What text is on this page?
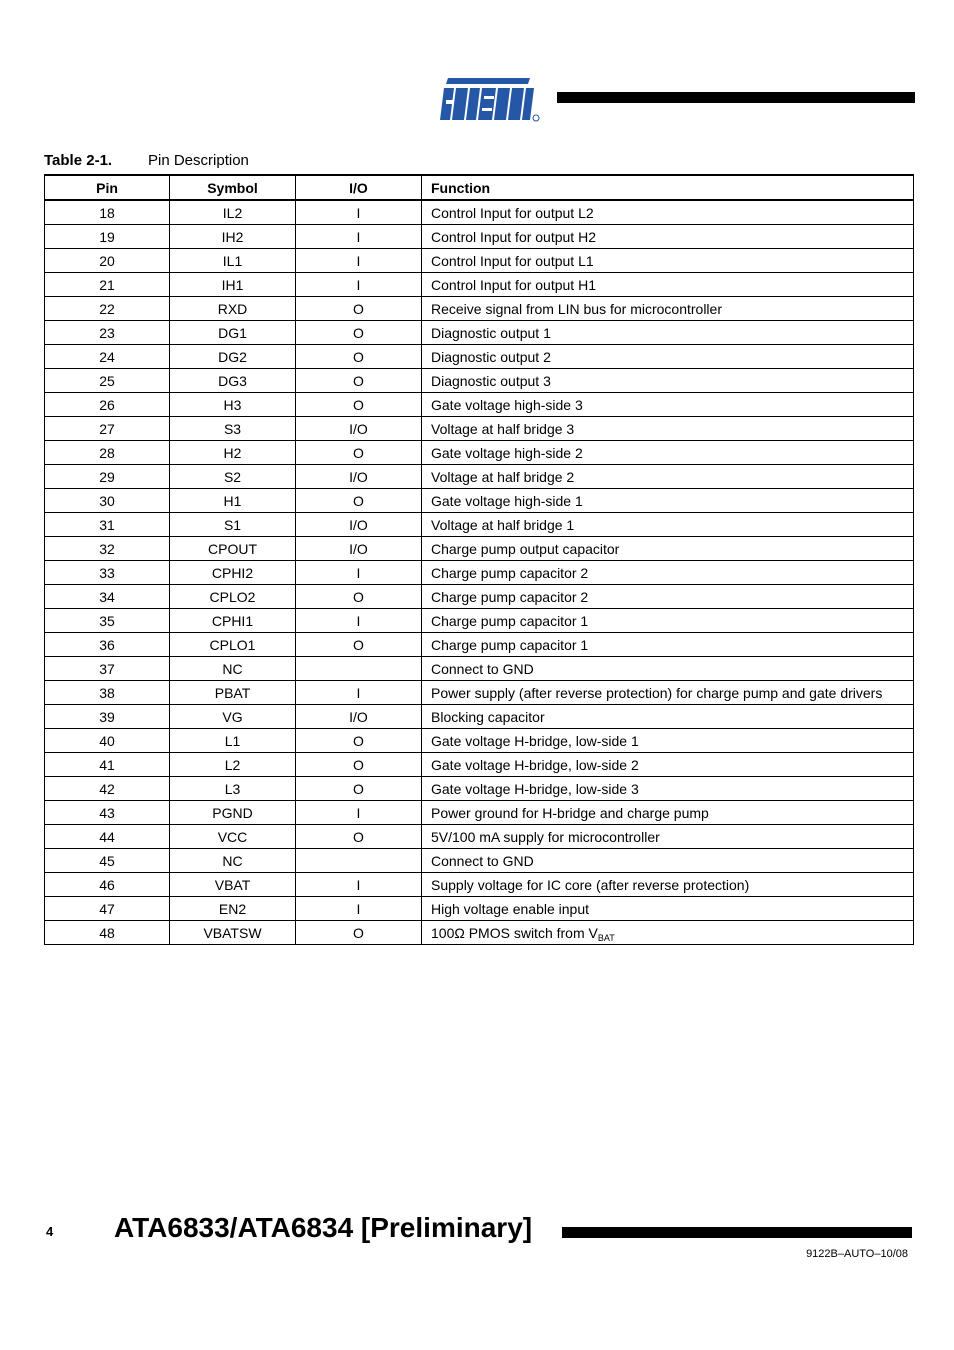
Table 2-1. Pin Description
Pin	Symbol	I/O	Function
18	IL2	I	Control Input for output L2
19	IH2	I	Control Input for output H2
20	IL1	I	Control Input for output L1
21	IH1	I	Control Input for output H1
22	RXD	O	Receive signal from LIN bus for microcontroller
23	DG1	O	Diagnostic output 1
24	DG2	O	Diagnostic output 2
25	DG3	O	Diagnostic output 3
26	H3	O	Gate voltage high-side 3
27	S3	I/O	Voltage at half bridge 3
28	H2	O	Gate voltage high-side 2
29	S2	I/O	Voltage at half bridge 2
30	H1	O	Gate voltage high-side 1
31	S1	I/O	Voltage at half bridge 1
32	CPOUT	I/O	Charge pump output capacitor
33	CPHI2	I	Charge pump capacitor 2
34	CPLO2	O	Charge pump capacitor 2
35	CPHI1	I	Charge pump capacitor 1
36	CPLO1	O	Charge pump capacitor 1
37	NC		Connect to GND
38	PBAT	I	Power supply (after reverse protection) for charge pump and gate drivers
39	VG	I/O	Blocking capacitor
40	L1	O	Gate voltage H-bridge, low-side 1
41	L2	O	Gate voltage H-bridge, low-side 2
42	L3	O	Gate voltage H-bridge, low-side 3
43	PGND	I	Power ground for H-bridge and charge pump
44	VCC	O	5V/100 mA supply for microcontroller
45	NC		Connect to GND
46	VBAT	I	Supply voltage for IC core (after reverse protection)
47	EN2	I	High voltage enable input
48	VBATSW	O	100Ω PMOS switch from $V_{BAT}$
4 ATA6833/ATA6834 [Preliminary]
9122B–AUTO–10/08
